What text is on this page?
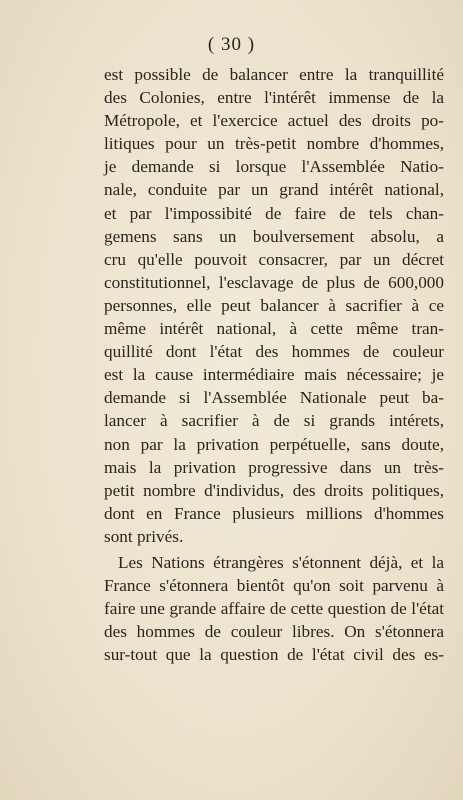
( 30 )
est possible de balancer entre la tranquillité
des Colonies, entre l'intérêt immense de la
Métropole, et l'exercice actuel des droits po-
litiques pour un très-petit nombre d'hommes,
je demande si lorsque l'Assemblée Natio-
nale, conduite par un grand intérêt national,
et par l'impossibité de faire de tels chan-
gemens sans un boulversement absolu, a
cru qu'elle pouvoit consacrer, par un décret
constitutionnel, l'esclavage de plus de 600,000
personnes, elle peut balancer à sacrifier à ce
même intérêt national, à cette même tran-
quillité dont l'état des hommes de couleur
est la cause intermédiaire mais nécessaire; je
demande si l'Assemblée Nationale peut ba-
lancer à sacrifier à de si grands intérets,
non par la privation perpétuelle, sans doute,
mais la privation progressive dans un très-
petit nombre d'individus, des droits politiques,
dont en France plusieurs millions d'hommes
sont privés.
Les Nations étrangères s'étonnent déjà, et la
France s'étonnera bientôt qu'on soit parvenu à
faire une grande affaire de cette question de l'état
des hommes de couleur libres. On s'étonnera
sur-tout que la question de l'état civil des es-
